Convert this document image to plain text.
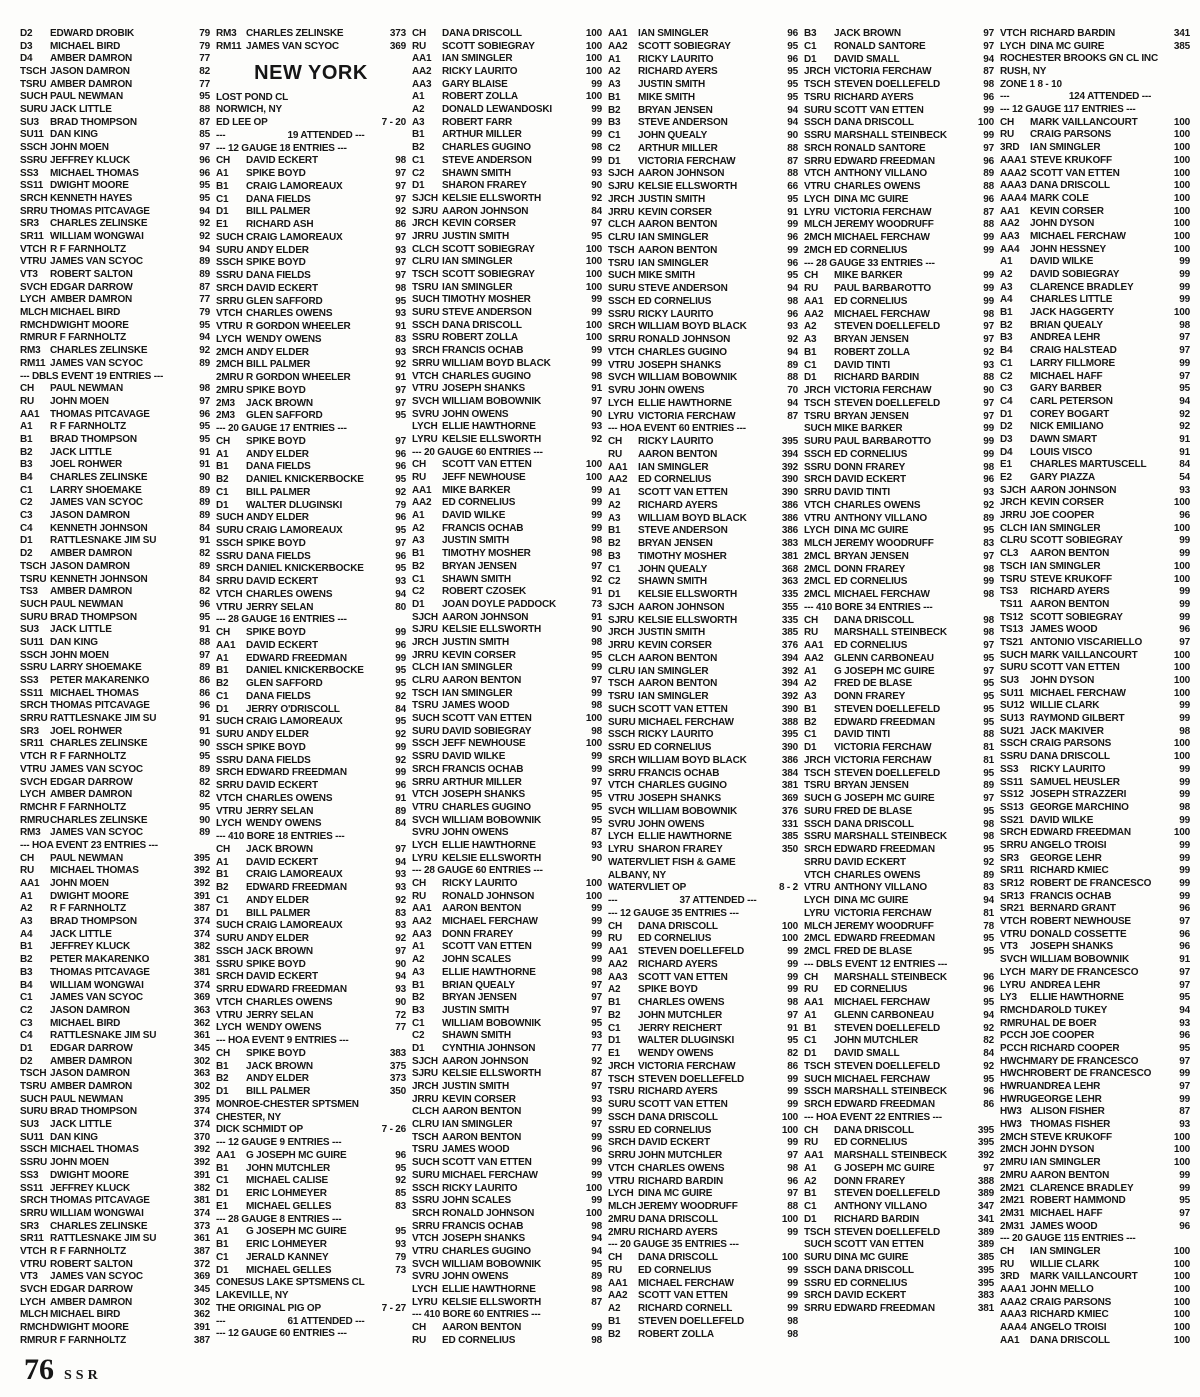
D2	EDWARD DROBIK	79
D3	MICHAEL BIRD	79
D4	AMBER DAMRON	77
TSCH JASON DAMRON	82
TSRU AMBER DAMRON	77
SUCH PAUL NEWMAN	95
SURU JACK LITTLE	88
SU3	BRAD THOMPSON	87
SU11 DAN KING	85
SSCH JOHN MOEN	97
SSRU JEFFREY KLUCK	96
SS3	MICHAEL THOMAS	96
SS11 DWIGHT MOORE	95
SRCH KENNETH HAYES	95
SRRU THOMAS PITCAVAGE	94
SR3	CHARLES ZELINSKE	92
SR11 WILLIAM WONGWAI	92
VTCH R F FARNHOLTZ	94
VTRU JAMES VAN SCYOC	89
VT3	ROBERT SALTON	89
SVCH EDGAR DARROW	87
LYCH AMBER DAMRON	77
MLCH MICHAEL BIRD	79
RMCH DWIGHT MOORE	95
RMRU R F FARNHOLTZ	94
RM3 CHARLES ZELINSKE	92
RM11 JAMES VAN SCYOC	89
--- DBLS EVENT 19 ENTRIES ---
CH	PAUL NEWMAN	98
RU	JOHN MOEN	97
AA1	THOMAS PITCAVAGE	96
A1	R F FARNHOLTZ	95
B1	BRAD THOMPSON	95
B2	JACK LITTLE	91
B3	JOEL ROHWER	91
B4	CHARLES ZELINSKE	90
C1	LARRY SHOEMAKE	89
C2	JAMES VAN SCYOC	89
C3	JASON DAMRON	89
C4	KENNETH JOHNSON	84
D1	RATTLESNAKE JIM SU	91
D2	AMBER DAMRON	82
TSCH JASON DAMRON	89
TSRU KENNETH JOHNSON	84
TS3	AMBER DAMRON	82
SUCH PAUL NEWMAN	96
SURU BRAD THOMPSON	95
SU3	JACK LITTLE	91
SU11 DAN KING	88
SSCH JOHN MOEN	97
SSRU LARRY SHOEMAKE	89
SS3	PETER MAKARENKO	86
SS11 MICHAEL THOMAS	86
SRCH THOMAS PITCAVAGE	96
SRRU RATTLESNAKE JIM SU	91
SR3	JOEL ROHWER	91
SR11 CHARLES ZELINSKE	90
VTCH R F FARNHOLTZ	95
VTRU JAMES VAN SCYOC	89
SVCH EDGAR DARROW	82
LYCH AMBER DAMRON	82
RMCH R F FARNHOLTZ	95
RMRU CHARLES ZELINSKE	90
RM3 JAMES VAN SCYOC	89
--- HOA EVENT 23 ENTRIES ---
CH	PAUL NEWMAN	395
RU	MICHAEL THOMAS	392
AA1	JOHN MOEN	392
A1	DWIGHT MOORE	391
A2	R F FARNHOLTZ	387
A3	BRAD THOMPSON	374
A4	JACK LITTLE	374
B1	JEFFREY KLUCK	382
B2	PETER MAKARENKO	381
B3	THOMAS PITCAVAGE	381
B4	WILLIAM WONGWAI	374
C1	JAMES VAN SCYOC	369
C2	JASON DAMRON	363
C3	MICHAEL BIRD	362
C4	RATTLESNAKE JIM SU	361
D1	EDGAR DARROW	345
D2	AMBER DAMRON	302
TSCH JASON DAMRON	363
TSRU AMBER DAMRON	302
SUCH PAUL NEWMAN	395
SURU BRAD THOMPSON	374
SU3	JACK LITTLE	374
SU11 DAN KING	370
SSCH MICHAEL THOMAS	392
SSRU JOHN MOEN	392
SS3	DWIGHT MOORE	391
SS11 JEFFREY KLUCK	382
SRCH THOMAS PITCAVAGE	381
SRRU WILLIAM WONGWAI	374
SR3	CHARLES ZELINSKE	373
SR11 RATTLESNAKE JIM SU	361
VTCH R F FARNHOLTZ	387
VTRU ROBERT SALTON	372
VT3	JAMES VAN SCYOC	369
SVCH EDGAR DARROW	345
LYCH AMBER DAMRON	302
MLCH MICHAEL BIRD	362
RMCH DWIGHT MOORE	391
RMRU R F FARNHOLTZ	387
RM3 CHARLES ZELINSKE	373
RM11 JAMES VAN SCYOC	369
NEW YORK
LOST POND CL
NORWICH, NY
ED LEE OP	7 - 20
---	19 ATTENDED ---
--- 12 GAUGE 18 ENTRIES ---
CH	DAVID ECKERT	98
A1	SPIKE BOYD	97
B1	CRAIG LAMOREAUX	97
C1	DANA FIELDS	97
D1	BILL PALMER	92
E1	RICHARD ASH	86
SUCH CRAIG LAMOREAUX	97
SURU ANDY ELDER	93
SSCH SPIKE BOYD	97
SSRU DANA FIELDS	97
SRCH DAVID ECKERT	98
SRRU GLEN SAFFORD	95
VTCH CHARLES OWENS	93
VTRU R GORDON WHEELER	91
LYCH WENDY OWENS	83
2MCH ANDY ELDER	93
2MCH BILL PALMER	92
2MRU R GORDON WHEELER	91
2MRU SPIKE BOYD	97
2M3	JACK BROWN	97
2M3	GLEN SAFFORD	95
--- 20 GAUGE 17 ENTRIES ---
CH	SPIKE BOYD	97
A1	ANDY ELDER	96
B1	DANA FIELDS	96
B2	DANIEL KNICKERBOCKE	95
C1	BILL PALMER	92
D1	WALTER DLUGINSKI	79
SUCH ANDY ELDER	96
SURU CRAIG LAMOREAUX	95
SSCH SPIKE BOYD	97
SSRU DANA FIELDS	96
SRCH DANIEL KNICKERBOCKE	95
SRRU DAVID ECKERT	93
VTCH CHARLES OWENS	94
VTRU JERRY SELAN	80
--- 28 GAUGE 16 ENTRIES ---
CH	SPIKE BOYD	99
AA1	DAVID ECKERT	96
A1	EDWARD FREEDMAN	99
B1	DANIEL KNICKERBOCKE	95
B2	GLEN SAFFORD	95
C1	DANA FIELDS	92
D1	JERRY O'DRISCOLL	84
SUCH CRAIG LAMOREAUX	95
SURU ANDY ELDER	92
SSCH SPIKE BOYD	99
SSRU DANA FIELDS	92
SRCH EDWARD FREEDMAN	99
SRRU DAVID ECKERT	96
VTCH CHARLES OWENS	91
VTRU JERRY SELAN	89
LYCH WENDY OWENS	84
--- 410 BORE 18 ENTRIES ---
CH	JACK BROWN	97
A1	DAVID ECKERT	94
B1	CRAIG LAMOREAUX	93
B2	EDWARD FREEDMAN	93
C1	ANDY ELDER	92
D1	BILL PALMER	83
SUCH CRAIG LAMOREAUX	93
SURU ANDY ELDER	92
SSCH JACK BROWN	97
SSRU SPIKE BOYD	90
SRCH DAVID ECKERT	94
SRRU EDWARD FREEDMAN	93
VTCH CHARLES OWENS	90
VTRU JERRY SELAN	72
LYCH WENDY OWENS	77
--- HOA EVENT 9 ENTRIES ---
CH	SPIKE BOYD	383
B1	JACK BROWN	375
B2	ANDY ELDER	373
D1	BILL PALMER	350
MONROE-CHESTER SPTSMEN
CHESTER, NY
DICK SCHMIDT OP	7 - 26
--- 12 GAUGE 9 ENTRIES ---
AA1	G JOSEPH MC GUIRE	96
B1	JOHN MUTCHLER	95
C1	MICHAEL CALISE	92
D1	ERIC LOHMEYER	85
E1	MICHAEL GELLES	83
--- 28 GAUGE 8 ENTRIES ---
A1	G JOSEPH MC GUIRE	95
B1	ERIC LOHMEYER	93
C1	JERALD KANNEY	79
D1	MICHAEL GELLES	73
CONESUS LAKE SPTSMENS CL
LAKEVILLE, NY
THE ORIGINAL PIG OP	7 - 27
---	61 ATTENDED ---
--- 12 GAUGE 60 ENTRIES ---
CH	DANA DRISCOLL	100
RU	SCOTT SOBIEGRAY	100
AA1	IAN SMINGLER	100
AA2	RICKY LAURITO	100
AA3	GARY BLAISE	99
A1	ROBERT ZOLLA	100
A2	DONALD LEWANDOSKI	99
A3	ROBERT FARR	99
B1	ARTHUR MILLER	99
B2	CHARLES GUGINO	98
C1	STEVE ANDERSON	99
C2	SHAWN SMITH	93
D1	SHARON FRAREY	90
SJCH KELSIE ELLSWORTH	92
SJRU AARON JOHNSON	84
JRCH KEVIN CORSER	97
JRRU JUSTIN SMITH	95
CLCH SCOTT SOBIEGRAY	100
CLRU IAN SMINGLER	100
TSCH SCOTT SOBIEGRAY	100
TSRU IAN SMINGLER	100
SUCH TIMOTHY MOSHER	99
SURU STEVE ANDERSON	99
SSCH DANA DRISCOLL	100
SSRU ROBERT ZOLLA	100
SRCH FRANCIS OCHAB	99
SRRU WILLIAM BOYD BLACK	99
VTCH CHARLES GUGINO	98
VTRU JOSEPH SHANKS	91
SVCH WILLIAM BOBOWNIK	97
SVRU JOHN OWENS	90
LYCH ELLIE HAWTHORNE	93
LYRU KELSIE ELLSWORTH	92
--- 20 GAUGE 60 ENTRIES ---
CH	SCOTT VAN ETTEN	100
RU	JEFF NEWHOUSE	100
AA1	MIKE BARKER	99
AA2	ED CORNELIUS	99
A1	DAVID WILKE	99
A2	FRANCIS OCHAB	99
A3	JUSTIN SMITH	98
B1	TIMOTHY MOSHER	98
B2	BRYAN JENSEN	97
C1	SHAWN SMITH	92
C2	ROBERT CZOSEK	91
D1	JOAN DOYLE PADDOCK	73
SJCH AARON JOHNSON	91
SJRU KELSIE ELLSWORTH	90
JRCH JUSTIN SMITH	98
JRRU KEVIN CORSER	95
CLCH IAN SMINGLER	99
CLRU AARON BENTON	97
TSCH IAN SMINGLER	99
TSRU JAMES WOOD	98
SUCH SCOTT VAN ETTEN	100
SURU DAVID SOBIEGRAY	98
SSCH JEFF NEWHOUSE	100
SSRU DAVID WILKE	99
SRCH FRANCIS OCHAB	99
SRRU ARTHUR MILLER	97
VTCH JOSEPH SHANKS	95
VTRU CHARLES GUGINO	95
SVCH WILLIAM BOBOWNIK	95
SVRU JOHN OWENS	87
LYCH ELLIE HAWTHORNE	93
LYRU KELSIE ELLSWORTH	90
--- 28 GAUGE 60 ENTRIES ---
CH	RICKY LAURITO	100
RU	RONALD JOHNSON	100
AA1	AARON BENTON	99
AA2	MICHAEL FERCHAW	99
AA3	DONN FRAREY	99
A1	SCOTT VAN ETTEN	99
A2	JOHN SCALES	99
A3	ELLIE HAWTHORNE	98
B1	BRIAN QUEALY	97
B2	BRYAN JENSEN	97
B3	JUSTIN SMITH	97
C1	WILLIAM BOBOWNIK	95
C2	SHAWN SMITH	93
D1	CYNTHIA JOHNSON	77
SJCH AARON JOHNSON	92
SJRU KELSIE ELLSWORTH	87
JRCH JUSTIN SMITH	97
JRRU KEVIN CORSER	93
CLCH AARON BENTON	99
CLRU IAN SMINGLER	97
TSCH AARON BENTON	99
TSRU JAMES WOOD	96
SUCH SCOTT VAN ETTEN	99
SURU MICHAEL FERCHAW	99
SSCH RICKY LAURITO	100
SSRU JOHN SCALES	99
SRCH RONALD JOHNSON	100
SRRU FRANCIS OCHAB	98
VTCH JOSEPH SHANKS	94
VTRU CHARLES GUGINO	94
SVCH WILLIAM BOBOWNIK	95
SVRU JOHN OWENS	89
LYCH ELLIE HAWTHORNE	98
LYRU KELSIE ELLSWORTH	87
--- 410 BORE 60 ENTRIES ---
CH	AARON BENTON	99
RU	ED CORNELIUS	98
AA1	IAN SMINGLER	96
AA2	SCOTT SOBIEGRAY	95
A1	RICKY LAURITO	96
A2	RICHARD AYERS	95
A3	JUSTIN SMITH	95
B1	MIKE SMITH	95
B2	BRYAN JENSEN	94
B3	STEVE ANDERSON	94
C1	JOHN QUEALY	90
C2	ARTHUR MILLER	88
D1	VICTORIA FERCHAW	87
SJCH AARON JOHNSON	88
SJRU KELSIE ELLSWORTH	66
JRCH JUSTIN SMITH	95
JRRU KEVIN CORSER	91
CLCH AARON BENTON	99
CLRU IAN SMINGLER	96
TSCH AARON BENTON	99
TSRU IAN SMINGLER	96
SUCH MIKE SMITH	95
SURU STEVE ANDERSON	94
SSCH ED CORNELIUS	98
SSRU RICKY LAURITO	96
SRCH WILLIAM BOYD BLACK	93
SRRU RONALD JOHNSON	92
VTCH CHARLES GUGINO	94
VTRU JOSEPH SHANKS	89
SVCH WILLIAM BOBOWNIK	88
SVRU JOHN OWENS	70
LYCH ELLIE HAWTHORNE	94
LYRU VICTORIA FERCHAW	87
--- HOA EVENT 60 ENTRIES ---
CH	RICKY LAURITO	395
RU	AARON BENTON	394
AA1	IAN SMINGLER	392
AA2	ED CORNELIUS	390
A1	SCOTT VAN ETTEN	390
A2	RICHARD AYERS	386
A3	WILLIAM BOYD BLACK	386
B1	STEVE ANDERSON	386
B2	BRYAN JENSEN	383
B3	TIMOTHY MOSHER	381
C1	JOHN QUEALY	368
C2	SHAWN SMITH	363
D1	KELSIE ELLSWORTH	335
SJCH AARON JOHNSON	355
SJRU KELSIE ELLSWORTH	335
JRCH JUSTIN SMITH	385
JRRU KEVIN CORSER	376
CLCH AARON BENTON	394
CLRU IAN SMINGLER	392
TSCH AARON BENTON	394
TSRU IAN SMINGLER	392
SUCH SCOTT VAN ETTEN	390
SURU MICHAEL FERCHAW	388
SSCH RICKY LAURITO	395
SSRU ED CORNELIUS	390
SRCH WILLIAM BOYD BLACK	386
SRRU FRANCIS OCHAB	384
VTCH CHARLES GUGINO	381
VTRU JOSEPH SHANKS	369
SVCH WILLIAM BOBOWNIK	376
SVRU JOHN OWENS	331
LYCH ELLIE HAWTHORNE	385
LYRU SHARON FRAREY	350
WATERVLIET FISH & GAME
ALBANY, NY
WATERVLIET OP	8 - 2
---	37 ATTENDED ---
--- 12 GAUGE 35 ENTRIES ---
CH	DANA DRISCOLL	100
RU	ED CORNELIUS	100
AA1	STEVEN DOELLEFELD	99
AA2	RICHARD AYERS	99
AA3	SCOTT VAN ETTEN	99
A2	SPIKE BOYD	99
B1	CHARLES OWENS	98
B2	JOHN MUTCHLER	97
C1	JERRY REICHERT	91
D1	WALTER DLUGINSKI	95
E1	WENDY OWENS	82
JRCH VICTORIA FERCHAW	86
TSCH STEVEN DOELLEFELD	99
TSRU RICHARD AYERS	99
SURU SCOTT VAN ETTEN	99
SSCH DANA DRISCOLL	100
SSRU ED CORNELIUS	100
SRCH DAVID ECKERT	99
SRRU JOHN MUTCHLER	97
VTCH CHARLES OWENS	98
VTRU RICHARD BARDIN	96
LYCH DINA MC GUIRE	97
MLCH JEREMY WOODRUFF	88
2MRU DANA DRISCOLL	100
2MRU RICHARD AYERS	99
--- 20 GAUGE 35 ENTRIES ---
CH	DANA DRISCOLL	100
RU	ED CORNELIUS	99
AA1	MICHAEL FERCHAW	99
AA2	SCOTT VAN ETTEN	99
A2	RICHARD CORNELL	99
B1	STEVEN DOELLEFELD	98
B2	ROBERT ZOLLA	98
B3	JACK BROWN	97
C1	RONALD SANTORE	97
D1	DAVID SMALL	94
JRCH VICTORIA FERCHAW	87
TSCH STEVEN DOELLEFELD	98
TSRU RICHARD AYERS	96
SURU SCOTT VAN ETTEN	99
SSCH DANA DRISCOLL	100
SSRU MARSHALL STEINBECK	99
SRCH RONALD SANTORE	97
SRRU EDWARD FREEDMAN	96
VTCH ANTHONY VILLANO	89
VTRU CHARLES OWENS	88
LYCH DINA MC GUIRE	96
LYRU VICTORIA FERCHAW	87
MLCH JEREMY WOODRUFF	88
2MCH MICHAEL FERCHAW	99
2MCH ED CORNELIUS	99
--- 28 GAUGE 33 ENTRIES ---
CH	MIKE BARKER	99
RU	PAUL BARBAROTTO	99
AA1	ED CORNELIUS	99
AA2	MICHAEL FERCHAW	98
A2	STEVEN DOELLEFELD	97
A3	BRYAN JENSEN	97
B1	ROBERT ZOLLA	92
C1	DAVID TINTI	93
D1	RICHARD BARDIN	88
JRCH VICTORIA FERCHAW	90
TSCH STEVEN DOELLEFELD	97
TSRU BRYAN JENSEN	97
SUCH MIKE BARKER	99
SURU PAUL BARBAROTTO	99
SSCH ED CORNELIUS	99
SSRU DONN FRAREY	98
SRCH DAVID ECKERT	96
SRRU DAVID TINTI	93
VTCH CHARLES OWENS	92
VTRU ANTHONY VILLANO	89
LYCH DINA MC GUIRE	95
MLCH JEREMY WOODRUFF	83
2MCL BRYAN JENSEN	97
2MCL DONN FRAREY	98
2MCL ED CORNELIUS	99
2MCL MICHAEL FERCHAW	98
--- 410 BORE 34 ENTRIES ---
CH	DANA DRISCOLL	98
RU	MARSHALL STEINBECK	98
AA1	ED CORNELIUS	97
AA2	GLENN CARBONEAU	95
A1	G JOSEPH MC GUIRE	97
A2	FRED DE BLASE	95
A3	DONN FRAREY	95
B1	STEVEN DOELLEFELD	95
B2	EDWARD FREEDMAN	95
C1	DAVID TINTI	88
D1	VICTORIA FERCHAW	81
JRCH VICTORIA FERCHAW	81
TSCH STEVEN DOELLEFELD	95
TSRU BRYAN JENSEN	89
SUCH G JOSEPH MC GUIRE	97
SURU FRED DE BLASE	95
SSCH DANA DRISCOLL	98
SSRU MARSHALL STEINBECK	98
SRCH EDWARD FREEDMAN	95
SRRU DAVID ECKERT	92
VTCH CHARLES OWENS	89
VTRU ANTHONY VILLANO	83
LYCH DINA MC GUIRE	94
LYRU VICTORIA FERCHAW	81
MLCH JEREMY WOODRUFF	78
2MCL EDWARD FREEDMAN	95
2MCL FRED DE BLASE	95
--- DBLS EVENT 12 ENTRIES ---
CH	MARSHALL STEINBECK	96
RU	ED CORNELIUS	96
AA1	MICHAEL FERCHAW	95
A1	GLENN CARBONEAU	94
B1	STEVEN DOELLEFELD	92
C1	JOHN MUTCHLER	82
D1	DAVID SMALL	84
TSCH STEVEN DOELLEFELD	92
SUCH MICHAEL FERCHAW	95
SSCH MARSHALL STEINBECK	96
SRCH EDWARD FREEDMAN	86
--- HOA EVENT 22 ENTRIES ---
CH	DANA DRISCOLL	395
RU	ED CORNELIUS	395
AA1	MARSHALL STEINBECK	392
A1	G JOSEPH MC GUIRE	97
A2	DONN FRAREY	388
B1	STEVEN DOELLEFELD	389
C1	ANTHONY VILLANO	347
D1	RICHARD BARDIN	341
TSCH STEVEN DOELLEFELD	389
SUCH SCOTT VAN ETTEN	389
SURU DINA MC GUIRE	385
SSCH DANA DRISCOLL	395
SSRU ED CORNELIUS	395
SRCH DAVID ECKERT	383
SRRU EDWARD FREEDMAN	381
VTCH RICHARD BARDIN	341
LYCH DINA MC GUIRE	385
ROCHESTER BROOKS GN CL INC
RUSH, NY
ZONE 1 8 - 10
---	124 ATTENDED ---
--- 12 GAUGE 117 ENTRIES ---
CH	MARK VAILLANCOURT	100
RU	CRAIG PARSONS	100
3RD	IAN SMINGLER	100
AAA1 STEVE KRUKOFF	100
AAA2 SCOTT VAN ETTEN	100
AAA3 DANA DRISCOLL	100
AAA4 MARK COLE	100
AA1	KEVIN CORSER	100
AA2	JOHN DYSON	100
AA3	MICHAEL FERCHAW	100
AA4	JOHN HESSNEY	100
A1	DAVID WILKE	99
A2	DAVID SOBIEGRAY	99
A3	CLARENCE BRADLEY	99
A4	CHARLES LITTLE	99
B1	JACK HAGGERTY	100
B2	BRIAN QUEALY	98
B3	ANDREA LEHR	97
B4	CRAIG HALSTEAD	97
C1	LARRY FILLMORE	99
C2	MICHAEL HAFF	97
C3	GARY BARBER	95
C4	CARL PETERSON	94
D1	COREY BOGART	92
D2	NICK EMILIANO	92
D3	DAWN SMART	91
D4	LOUIS VISCO	91
E1	CHARLES MARTUSCELL	84
E2	GARY PIAZZA	54
SJCH AARON JOHNSON	93
JRCH KEVIN CORSER	100
JRRU JOE COOPER	96
CLCH IAN SMINGLER	100
CLRU SCOTT SOBIEGRAY	99
CL3	AARON BENTON	99
TSCH IAN SMINGLER	100
TSRU STEVE KRUKOFF	100
TS3	RICHARD AYERS	99
TS11 AARON BENTON	99
TS12 SCOTT SOBIEGRAY	99
TS13 JAMES WOOD	96
TS21 ANTONIO VISCARIELLO	97
SUCH MARK VAILLANCOURT	100
SURU SCOTT VAN ETTEN	100
SU3	JOHN DYSON	100
SU11 MICHAEL FERCHAW	100
SU12 WILLIE CLARK	99
SU13 RAYMOND GILBERT	99
SU21 JACK MAKIVER	98
SSCH CRAIG PARSONS	100
SSRU DANA DRISCOLL	100
SS3	RICKY LAURITO	99
SS11 SAMUEL HEUSLER	99
SS12 JOSEPH STRAZZERI	99
SS13 GEORGE MARCHINO	98
SS21 DAVID WILKE	99
SRCH EDWARD FREEDMAN	100
SRRU ANGELO TROISI	99
SR3	GEORGE LEHR	99
SR11 RICHARD KMIEC	99
SR12 ROBERT DE FRANCESCO	99
SR13 FRANCIS OCHAB	99
SR21 BERNARD GRANT	96
VTCH ROBERT NEWHOUSE	97
VTRU DONALD COSSETTE	96
VT3	JOSEPH SHANKS	96
SVCH WILLIAM BOBOWNIK	91
LYCH MARY DE FRANCESCO	97
LYRU ANDREA LEHR	97
LY3	ELLIE HAWTHORNE	95
RMCH DAROLD TUKEY	94
RMRU HAL DE BOER	93
PCCH JOE COOPER	96
PCCH RICHARD COOPER	95
HWCH MARY DE FRANCESCO	97
HWCH ROBERT DE FRANCESCO	99
HWRU ANDREA LEHR	97
HWRU GEORGE LEHR	99
HW3 ALISON FISHER	87
HW3 THOMAS FISHER	93
2MCH STEVE KRUKOFF	100
2MCH JOHN DYSON	100
2MRU IAN SMINGLER	100
2MRU AARON BENTON	99
2M21 CLARENCE BRADLEY	99
2M21 ROBERT HAMMOND	95
2M31 MICHAEL HAFF	97
2M31 JAMES WOOD	96
--- 20 GAUGE 115 ENTRIES ---
CH	IAN SMINGLER	100
RU	WILLIE CLARK	100
3RD	MARK VAILLANCOURT	100
AAA1 JOHN MELLO	100
AAA2 CRAIG PARSONS	100
AAA3 RICHARD KMIEC	100
AAA4 ANGELO TROISI	100
AA1	DANA DRISCOLL	100
76 SSR
